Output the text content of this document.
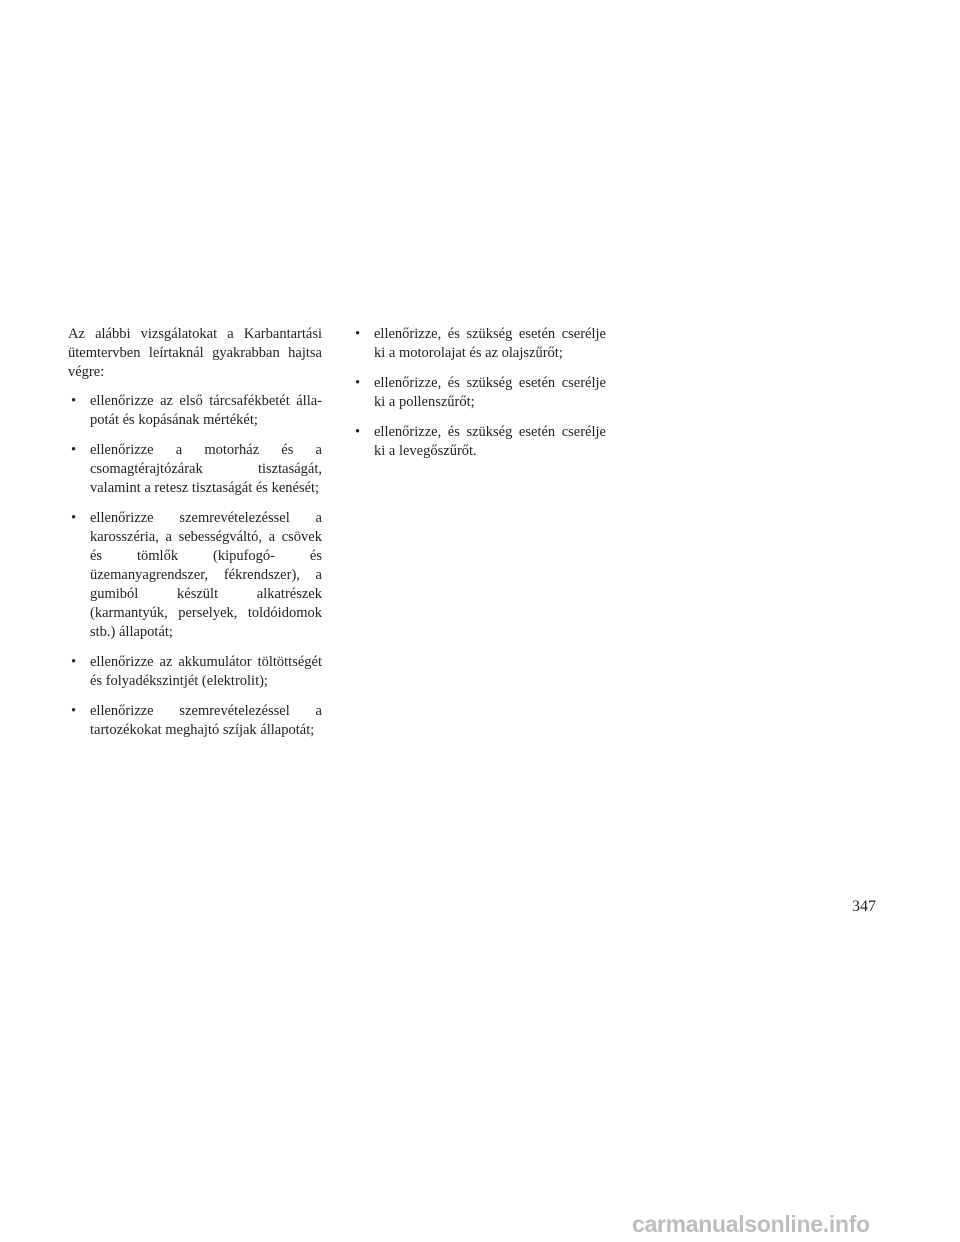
Az alábbi vizsgálatokat a Karbantartási ütemtervben leírtaknál gyakrabban hajtsa végre:

• ellenőrizze az első tárcsafékbetét álla-potát és kopásának mértékét;
• ellenőrizze a motorház és a csomagtérajtózárak tisztaságát, valamint a retesz tisztaságát és kenését;
• ellenőrizze szemrevételezéssel a karosszéria, a sebességváltó, a csövek és tömlők (kipufogó- és üzemanyagrendszer, fékrendszer), a gumiból készült alkatrészek (karmantyúk, perselyek, toldóidomok stb.) állapotát;
• ellenőrizze az akkumulátor töltöttségét és folyadékszintjét (elektrolit);
• ellenőrizze szemrevételezéssel a tartozékokat meghajtó szíjak állapotát;
• ellenőrizze, és szükség esetén cserélje ki a motorolajat és az olajszűrőt;
• ellenőrizze, és szükség esetén cserélje ki a pollenszűrőt;
• ellenőrizze, és szükség esetén cserélje ki a levegőszűrőt.
347
carmanualsonline.info
